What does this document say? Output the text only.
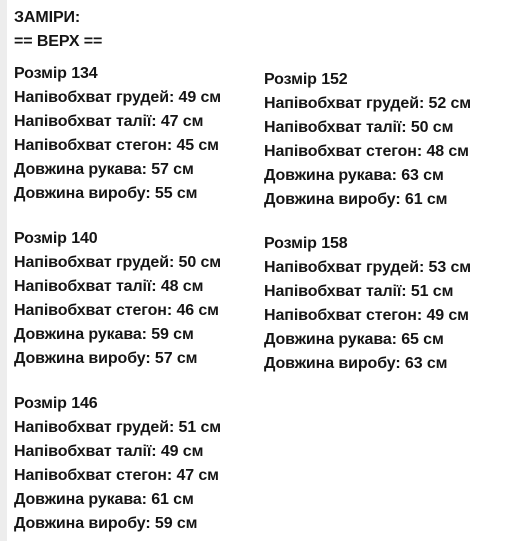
ЗАМІРИ:
== ВЕРХ ==
Розмір 134
Напівобхват грудей: 49 см
Напівобхват талії: 47 см
Напівобхват стегон: 45 см
Довжина рукава: 57 см
Довжина виробу: 55 см
Розмір 140
Напівобхват грудей: 50 см
Напівобхват талії: 48 см
Напівобхват стегон: 46 см
Довжина рукава: 59 см
Довжина виробу: 57 см
Розмір 146
Напівобхват грудей: 51 см
Напівобхват талії: 49 см
Напівобхват стегон: 47 см
Довжина рукава: 61 см
Довжина виробу: 59 см
Розмір 152
Напівобхват грудей: 52 см
Напівобхват талії: 50 см
Напівобхват стегон: 48 см
Довжина рукава: 63 см
Довжина виробу: 61 см
Розмір 158
Напівобхват грудей: 53 см
Напівобхват талії: 51 см
Напівобхват стегон: 49 см
Довжина рукава: 65 см
Довжина виробу: 63 см
